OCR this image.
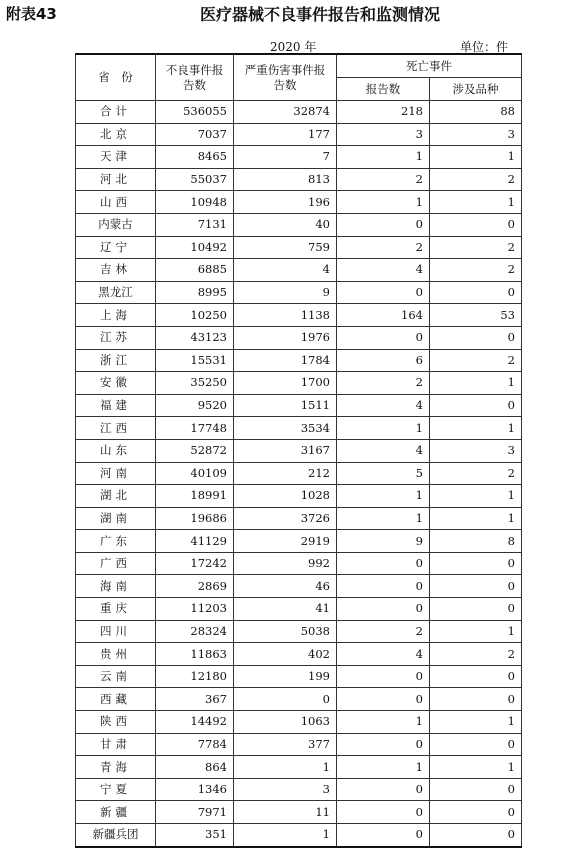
附表43	医疗器械不良事件报告和监测情况
2020 年	单位：件
省　份	不良事件报告数	严重伤害事件报告数	死亡事件	
			报告数	涉及品种
合计	536055	32874	218	88
北京	7037	177	3	3
天津	8465	7	1	1
河北	55037	813	2	2
山西	10948	196	1	1
内蒙古	7131	40	0	0
辽宁	10492	759	2	2
吉林	6885	4	4	2
黑龙江	8995	9	0	0
上海	10250	1138	164	53
江苏	43123	1976	0	0
浙江	15531	1784	6	2
安徽	35250	1700	2	1
福建	9520	1511	4	0
江西	17748	3534	1	1
山东	52872	3167	4	3
河南	40109	212	5	2
湖北	18991	1028	1	1
湖南	19686	3726	1	1
广东	41129	2919	9	8
广西	17242	992	0	0
海南	2869	46	0	0
重庆	11203	41	0	0
四川	28324	5038	2	1
贵州	11863	402	4	2
云南	12180	199	0	0
西藏	367	0	0	0
陕西	14492	1063	1	1
甘肃	7784	377	0	0
青海	864	1	1	1
宁夏	1346	3	0	0
新疆	7971	11	0	0
新疆兵团	351	1	0	0
